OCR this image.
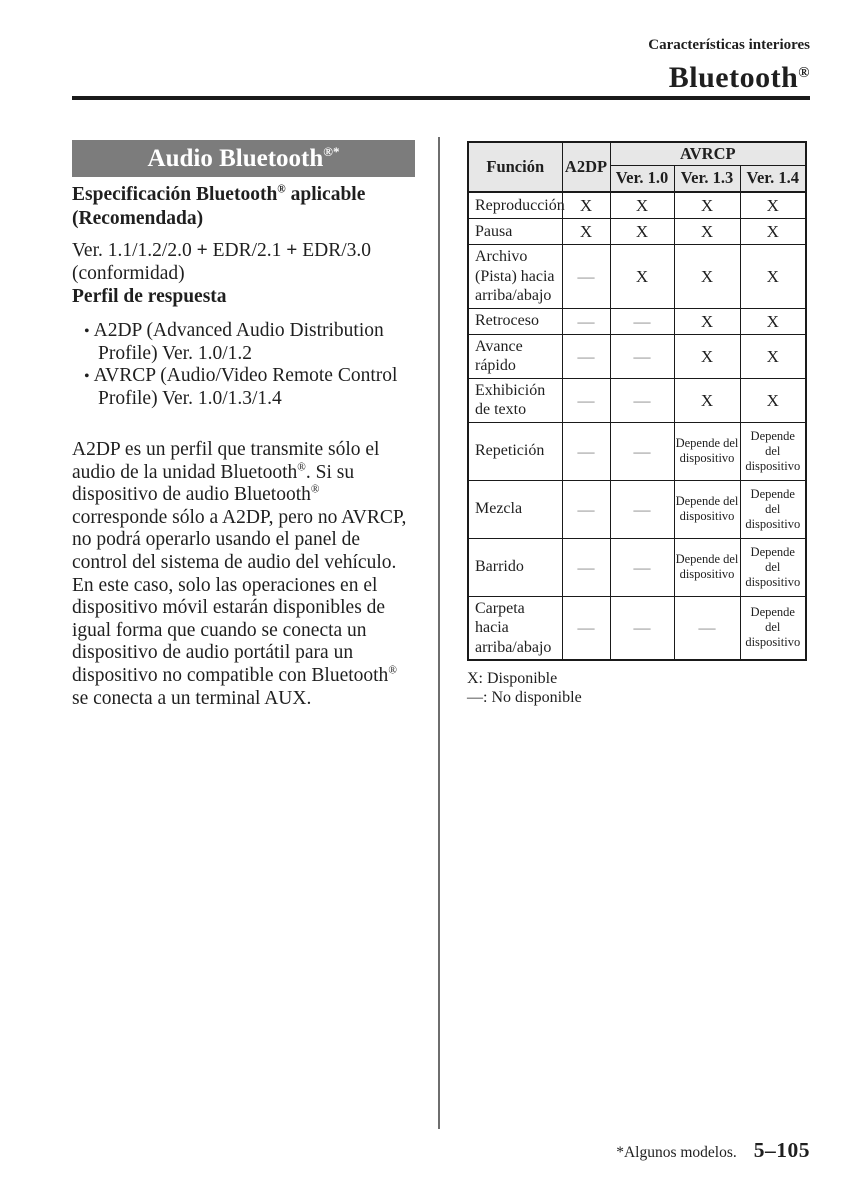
Características interiores
Bluetooth®
Audio Bluetooth®*
Especificación Bluetooth® aplicable (Recomendada)

Ver. 1.1/1.2/2.0 + EDR/2.1 + EDR/3.0 (conformidad)

Perfil de respuesta

• A2DP (Advanced Audio Distribution Profile) Ver. 1.0/1.2
• AVRCP (Audio/Video Remote Control Profile) Ver. 1.0/1.3/1.4

A2DP es un perfil que transmite sólo el audio de la unidad Bluetooth®. Si su dispositivo de audio Bluetooth® corresponde sólo a A2DP, pero no AVRCP, no podrá operarlo usando el panel de control del sistema de audio del vehículo. En este caso, solo las operaciones en el dispositivo móvil estarán disponibles de igual forma que cuando se conecta un dispositivo de audio portátil para un dispositivo no compatible con Bluetooth® se conecta a un terminal AUX.

Función	A2DP	AVRCP		
		Ver. 1.0	Ver. 1.3	Ver. 1.4
Reproducción	X	X	X	X
Pausa	X	X	X	X
Archivo (Pista) hacia arriba/abajo	—	X	X	X
Retroceso	—	—	X	X
Avance rápido	—	—	X	X
Exhibición de texto	—	—	X	X
Repetición	—	—	Depende del dispositivo	Depende del dispositivo
Mezcla	—	—	Depende del dispositivo	Depende del dispositivo
Barrido	—	—	Depende del dispositivo	Depende del dispositivo
Carpeta hacia arriba/abajo	—	—	—	Depende del dispositivo
X: Disponible
—: No disponible
*Algunos modelos. 5–105
